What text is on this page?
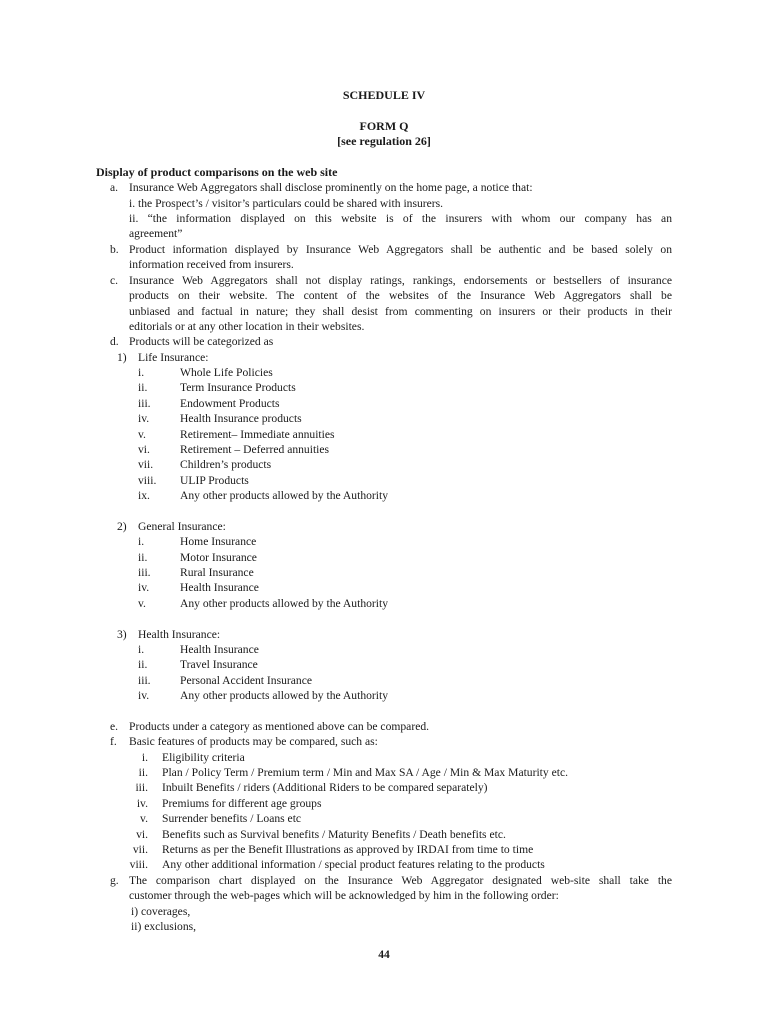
SCHEDULE IV
FORM Q
[see regulation 26]
Display of product comparisons on the web site
a. Insurance Web Aggregators shall disclose prominently on the home page, a notice that:
i. the Prospect’s / visitor’s particulars could be shared with insurers.
ii. “the information displayed on this website is of the insurers with whom our company has an
agreement”
b. Product information displayed by Insurance Web Aggregators shall be authentic and be based solely on
information received from insurers.
c. Insurance Web Aggregators shall not display ratings, rankings, endorsements or bestsellers of insurance
products on their website. The content of the websites of the Insurance Web Aggregators shall be
unbiased and factual in nature; they shall desist from commenting on insurers or their products in their
editorials or at any other location in their websites.
d. Products will be categorized as
1) Life Insurance:
i.	Whole Life Policies
ii.	Term Insurance Products
iii.	Endowment Products
iv.	Health Insurance products
v.	Retirement– Immediate annuities
vi.	Retirement – Deferred annuities
vii. Children’s products
viii. ULIP Products
ix.	Any other products allowed by the Authority
2) General Insurance:
i.	Home Insurance
ii.	Motor Insurance
iii.	Rural Insurance
iv.	Health Insurance
v.	Any other products allowed by the Authority
3) Health Insurance:
i.	Health Insurance
ii.	Travel Insurance
iii.	Personal Accident Insurance
iv.	Any other products allowed by the Authority
e. Products under a category as mentioned above can be compared.
f. Basic features of products may be compared, such as:
i. Eligibility criteria
ii. Plan / Policy Term / Premium term / Min and Max SA / Age / Min & Max Maturity etc.
iii. Inbuilt Benefits / riders (Additional Riders to be compared separately)
iv. Premiums for different age groups
v. Surrender benefits / Loans etc
vi. Benefits such as Survival benefits / Maturity Benefits / Death benefits etc.
vii. Returns as per the Benefit Illustrations as approved by IRDAI from time to time
viii. Any other additional information / special product features relating to the products
g. The comparison chart displayed on the Insurance Web Aggregator designated web-site shall take the
customer through the web-pages which will be acknowledged by him in the following order:
i) coverages,
ii) exclusions,
44
